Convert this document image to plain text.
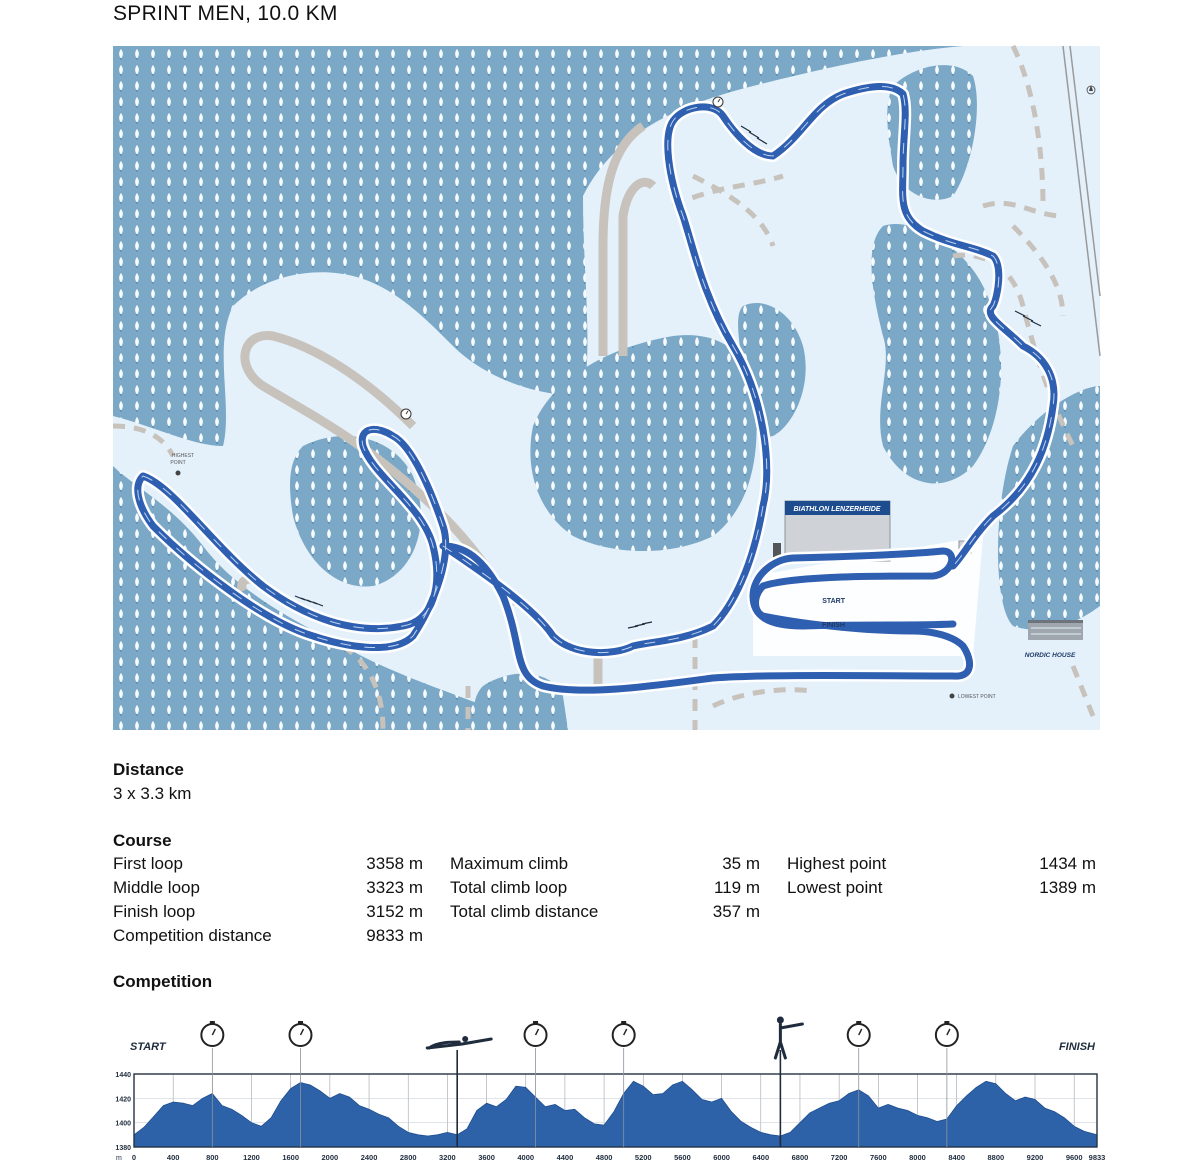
SPRINT MEN, 10.0 KM
BIATHLON LENZERHEIDE
NORDIC HOUSE
START
FINISH
HIGHEST
POINT
LOWEST POINT
Distance
3 x 3.3 km
Course
First loop	3358 m
Middle loop	3323 m
Finish loop	3152 m
Competition distance	9833 m
Maximum climb	35 m
Total climb loop	119 m
Total climb distance	357 m
Highest point	1434 m
Lowest point	1389 m
Competition
START	FINISH
m 0	400	800	1200	1600	2000	2400	2800	3200	3600	4000	4400	4800	5200	5600	6000	6400	6800	7200	7600	8000	8400	8800	9200	9600 9833
1440
1420
1400
1380
